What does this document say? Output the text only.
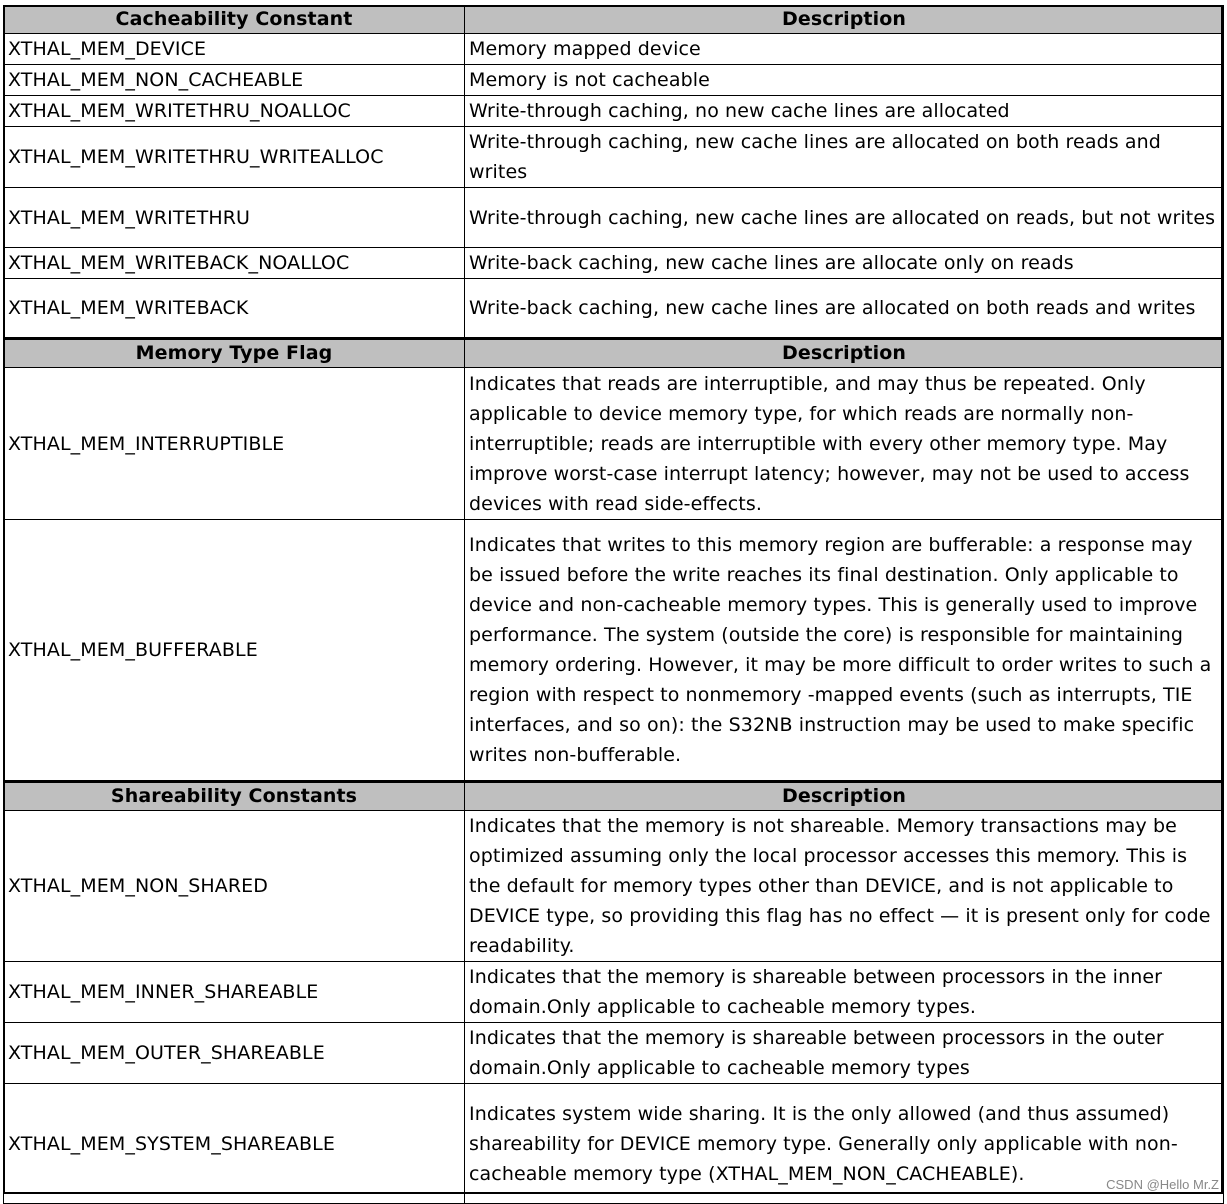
Cacheability Constant	Description
XTHAL_MEM_DEVICE	Memory mapped device
XTHAL_MEM_NON_CACHEABLE	Memory is not cacheable
XTHAL_MEM_WRITETHRU_NOALLOC	Write-through caching, no new cache lines are allocated
XTHAL_MEM_WRITETHRU_WRITEALLOC	Write-through caching, new cache lines are allocated on both reads and writes
XTHAL_MEM_WRITETHRU	Write-through caching, new cache lines are allocated on reads, but not writes
XTHAL_MEM_WRITEBACK_NOALLOC	Write-back caching, new cache lines are allocate only on reads
XTHAL_MEM_WRITEBACK	Write-back caching, new cache lines are allocated on both reads and writes
Memory Type Flag	Description
XTHAL_MEM_INTERRUPTIBLE	Indicates that reads are interruptible, and may thus be repeated. Only applicable to device memory type, for which reads are normally non-interruptible; reads are interruptible with every other memory type. May improve worst-case interrupt latency; however, may not be used to access devices with read side-effects.
XTHAL_MEM_BUFFERABLE	Indicates that writes to this memory region are bufferable: a response may be issued before the write reaches its final destination. Only applicable to device and non-cacheable memory types. This is generally used to improve performance. The system (outside the core) is responsible for maintaining memory ordering. However, it may be more difficult to order writes to such a region with respect to nonmemory -mapped events (such as interrupts, TIE interfaces, and so on): the S32NB instruction may be used to make specific writes non-bufferable.
Shareability Constants	Description
XTHAL_MEM_NON_SHARED	Indicates that the memory is not shareable. Memory transactions may be optimized assuming only the local processor accesses this memory. This is the default for memory types other than DEVICE, and is not applicable to DEVICE type, so providing this flag has no effect — it is present only for code readability.
XTHAL_MEM_INNER_SHAREABLE	Indicates that the memory is shareable between processors in the inner domain.Only applicable to cacheable memory types.
XTHAL_MEM_OUTER_SHAREABLE	Indicates that the memory is shareable between processors in the outer domain.Only applicable to cacheable memory types
XTHAL_MEM_SYSTEM_SHAREABLE	Indicates system wide sharing. It is the only allowed (and thus assumed) shareability for DEVICE memory type. Generally only applicable with non-cacheable memory type (XTHAL_MEM_NON_CACHEABLE).	CSDN @Hello Mr.Z
